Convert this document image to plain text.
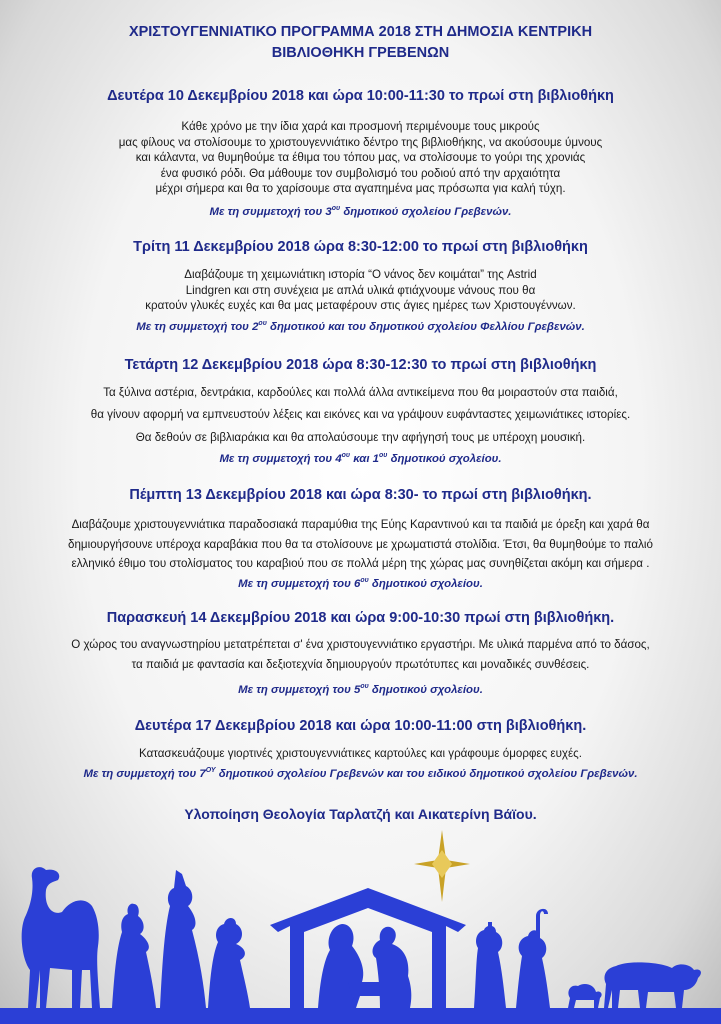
ΧΡΙΣΤΟΥΓΕΝΝΙΑΤΙΚΟ ΠΡΟΓΡΑΜΜΑ 2018 ΣΤΗ ΔΗΜΟΣΙΑ ΚΕΝΤΡΙΚΗ
ΒΙΒΛΙΟΘΗΚΗ ΓΡΕΒΕΝΩΝ
Δευτέρα 10 Δεκεμβρίου 2018 και ώρα 10:00-11:30 το πρωί στη βιβλιοθήκη
Κάθε χρόνο με την ίδια χαρά και προσμονή περιμένουμε τους μικρούς
μας φίλους να στολίσουμε το χριστουγεννιάτικο δέντρο της βιβλιοθήκης, να ακούσουμε ύμνους
και κάλαντα, να θυμηθούμε τα έθιμα του τόπου μας, να στολίσουμε το γούρι της χρονιάς
ένα φυσικό ρόδι. Θα μάθουμε τον συμβολισμό του ροδιού από την αρχαιότητα
μέχρι σήμερα και θα το χαρίσουμε στα αγαπημένα μας πρόσωπα για καλή τύχη.
Με τη συμμετοχή του $3^{o\upsilon}$ δημοτικού σχολείου Γρεβενών.
Τρίτη 11 Δεκεμβρίου 2018 ώρα 8:30-12:00 το πρωί στη βιβλιοθήκη
Διαβάζουμε τη χειμωνιάτικη ιστορία “Ο νάνος δεν κοιμάται” της Astrid
Lindgren και στη συνέχεια με απλά υλικά φτιάχνουμε νάνους που θα
κρατούν γλυκές ευχές και θα μας μεταφέρουν στις άγιες ημέρες των Χριστουγέννων.
Με τη συμμετοχή του $2^{o\upsilon}$ δημοτικού και του δημοτικού σχολείου Φελλίου Γρεβενών.
Τετάρτη 12 Δεκεμβρίου 2018 ώρα 8:30-12:30 το πρωί στη βιβλιοθήκη
Τα ξύλινα αστέρια, δεντράκια, καρδούλες και πολλά άλλα αντικείμενα που θα μοιραστούν στα παιδιά,
θα γίνουν αφορμή να εμπνευστούν λέξεις και εικόνες και να γράψουν ευφάνταστες χειμωνιάτικες ιστορίες.
Θα δεθούν σε βιβλιαράκια και θα απολαύσουμε την αφήγησή τους με υπέροχη μουσική.
Με τη συμμετοχή του $4^{o\upsilon}$ και $1^{o\upsilon}$ δημοτικού σχολείου.
Πέμπτη 13 Δεκεμβρίου 2018 και ώρα 8:30- το πρωί στη βιβλιοθήκη.
Διαβάζουμε χριστουγεννιάτικα παραδοσιακά παραμύθια της Εύης Καραντινού και τα παιδιά με όρεξη και χαρά θα
δημιουργήσουνε υπέροχα καραβάκια που θα τα στολίσουνε με χρωματιστά στολίδια. Έτσι, θα θυμηθούμε το παλιό
ελληνικό έθιμο του στολίσματος του καραβιού που σε πολλά μέρη της χώρας μας συνηθίζεται ακόμη και σήμερα .
Με τη συμμετοχή του $6^{o\upsilon}$ δημοτικού σχολείου.
Παρασκευή 14 Δεκεμβρίου 2018 και ώρα 9:00-10:30 πρωί στη βιβλιοθήκη.
Ο χώρος του αναγνωστηρίου μετατρέπεται σ' ένα χριστουγεννιάτικο εργαστήρι. Με υλικά παρμένα από το δάσος,
τα παιδιά με φαντασία και δεξιοτεχνία δημιουργούν πρωτότυπες και μοναδικές συνθέσεις.
Με τη συμμετοχή του $5^{o\upsilon}$ δημοτικού σχολείου.
Δευτέρα 17 Δεκεμβρίου 2018 και ώρα 10:00-11:00 στη βιβλιοθήκη.
Κατασκευάζουμε γιορτινές χριστουγεννιάτικες καρτούλες και γράφουμε όμορφες ευχές.
Με τη συμμετοχή του $7^{O\Upsilon}$ δημοτικού σχολείου Γρεβενών και του ειδικού δημοτικού σχολείου Γρεβενών.
Υλοποίηση Θεολογία Ταρλατζή και Αικατερίνη Βάϊου.
